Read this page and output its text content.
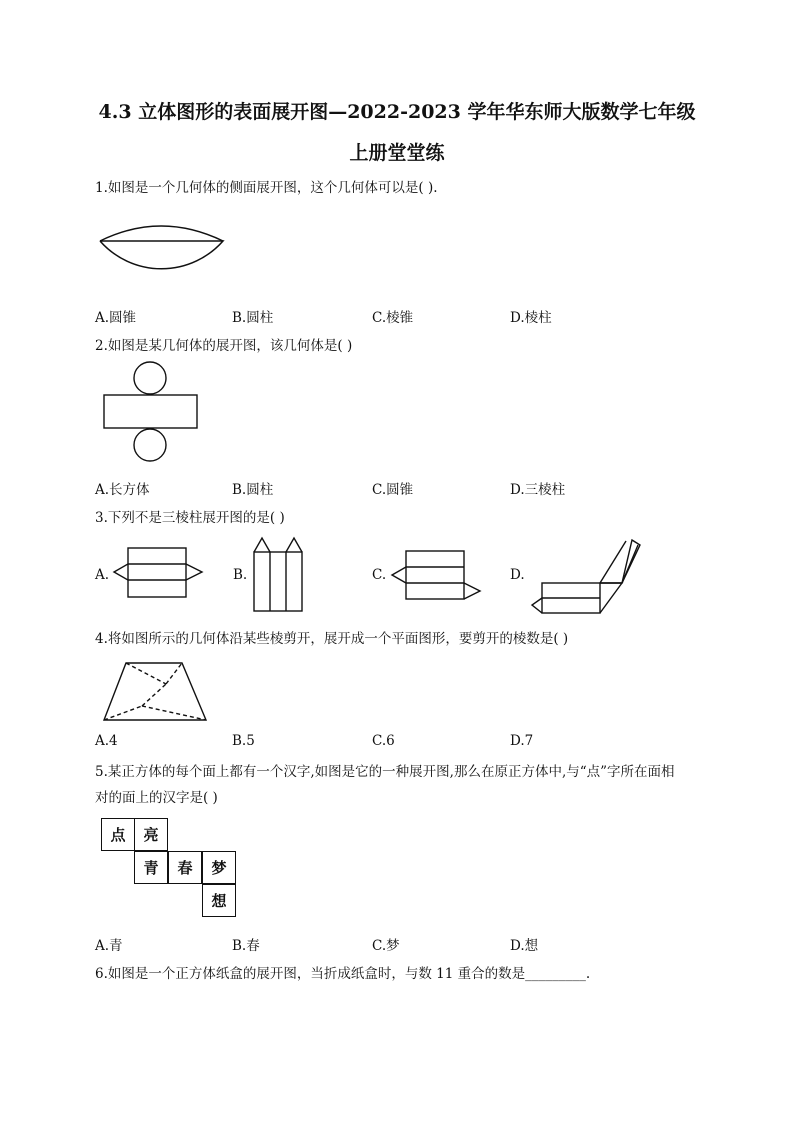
4.3 立体图形的表面展开图—2022-2023 学年华东师大版数学七年级
上册堂堂练
1.如图是一个几何体的侧面展开图，这个几何体可以是( ).
A.圆锥	B.圆柱	C.棱锥	D.棱柱
2.如图是某几何体的展开图，该几何体是( )
A.长方体	B.圆柱	C.圆锥	D.三棱柱
3.下列不是三棱柱展开图的是( )
A.	B.	C.	D.
4.将如图所示的几何体沿某些棱剪开，展开成一个平面图形，要剪开的棱数是( )
A.4	B.5	C.6	D.7
5.某正方体的每个面上都有一个汉字,如图是它的一种展开图,那么在原正方体中,与“点”字所在面相
对的面上的汉字是( )
点	亮
青	春	梦
想
A.青	B.春	C.梦	D.想
6.如图是一个正方体纸盒的展开图，当折成纸盒时，与数 11 重合的数是_________.
